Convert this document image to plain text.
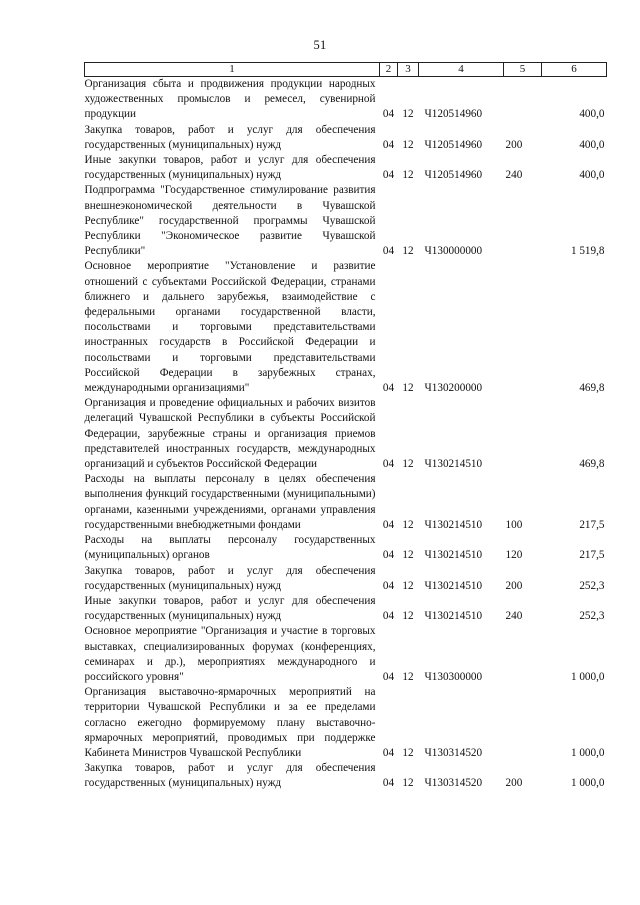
51
1	2	3	4	5	6
Организация сбыта и продвижения продукции народных художественных промыслов и ремесел, сувенирной продукции	04	12	Ч120514960		400,0
Закупка товаров, работ и услуг для обеспечения государственных (муниципальных) нужд	04	12	Ч120514960	200	400,0
Иные закупки товаров, работ и услуг для обеспечения государственных (муниципальных) нужд	04	12	Ч120514960	240	400,0
Подпрограмма "Государственное стимулирование развития внешнеэкономической деятельности в Чувашской Республике" государственной программы Чувашской Республики "Экономическое развитие Чувашской Республики"	04	12	Ч130000000		1 519,8
Основное мероприятие "Установление и развитие отношений с субъектами Российской Федерации, странами ближнего и дальнего зарубежья, взаимодействие с федеральными органами государственной власти, посольствами и торговыми представительствами иностранных государств в Российской Федерации и посольствами и торговыми представительствами Российской Федерации в зарубежных странах, международными организациями"	04	12	Ч130200000		469,8
Организация и проведение официальных и рабочих визитов делегаций Чувашской Республики в субъекты Российской Федерации, зарубежные страны и организация приемов представителей иностранных государств, международных организаций и субъектов Российской Федерации	04	12	Ч130214510		469,8
Расходы на выплаты персоналу в целях обеспечения выполнения функций государственными (муниципальными) органами, казенными учреждениями, органами управления государственными внебюджетными фондами	04	12	Ч130214510	100	217,5
Расходы на выплаты персоналу государственных (муниципальных) органов	04	12	Ч130214510	120	217,5
Закупка товаров, работ и услуг для обеспечения государственных (муниципальных) нужд	04	12	Ч130214510	200	252,3
Иные закупки товаров, работ и услуг для обеспечения государственных (муниципальных) нужд	04	12	Ч130214510	240	252,3
Основное мероприятие "Организация и участие в торговых выставках, специализированных форумах (конференциях, семинарах и др.), мероприятиях международного и российского уровня"	04	12	Ч130300000		1 000,0
Организация выставочно-ярмарочных мероприятий на территории Чувашской Республики и за ее пределами согласно ежегодно формируемому плану выставочно-ярмарочных мероприятий, проводимых при поддержке Кабинета Министров Чувашской Республики	04	12	Ч130314520		1 000,0
Закупка товаров, работ и услуг для обеспечения государственных (муниципальных) нужд	04	12	Ч130314520	200	1 000,0
